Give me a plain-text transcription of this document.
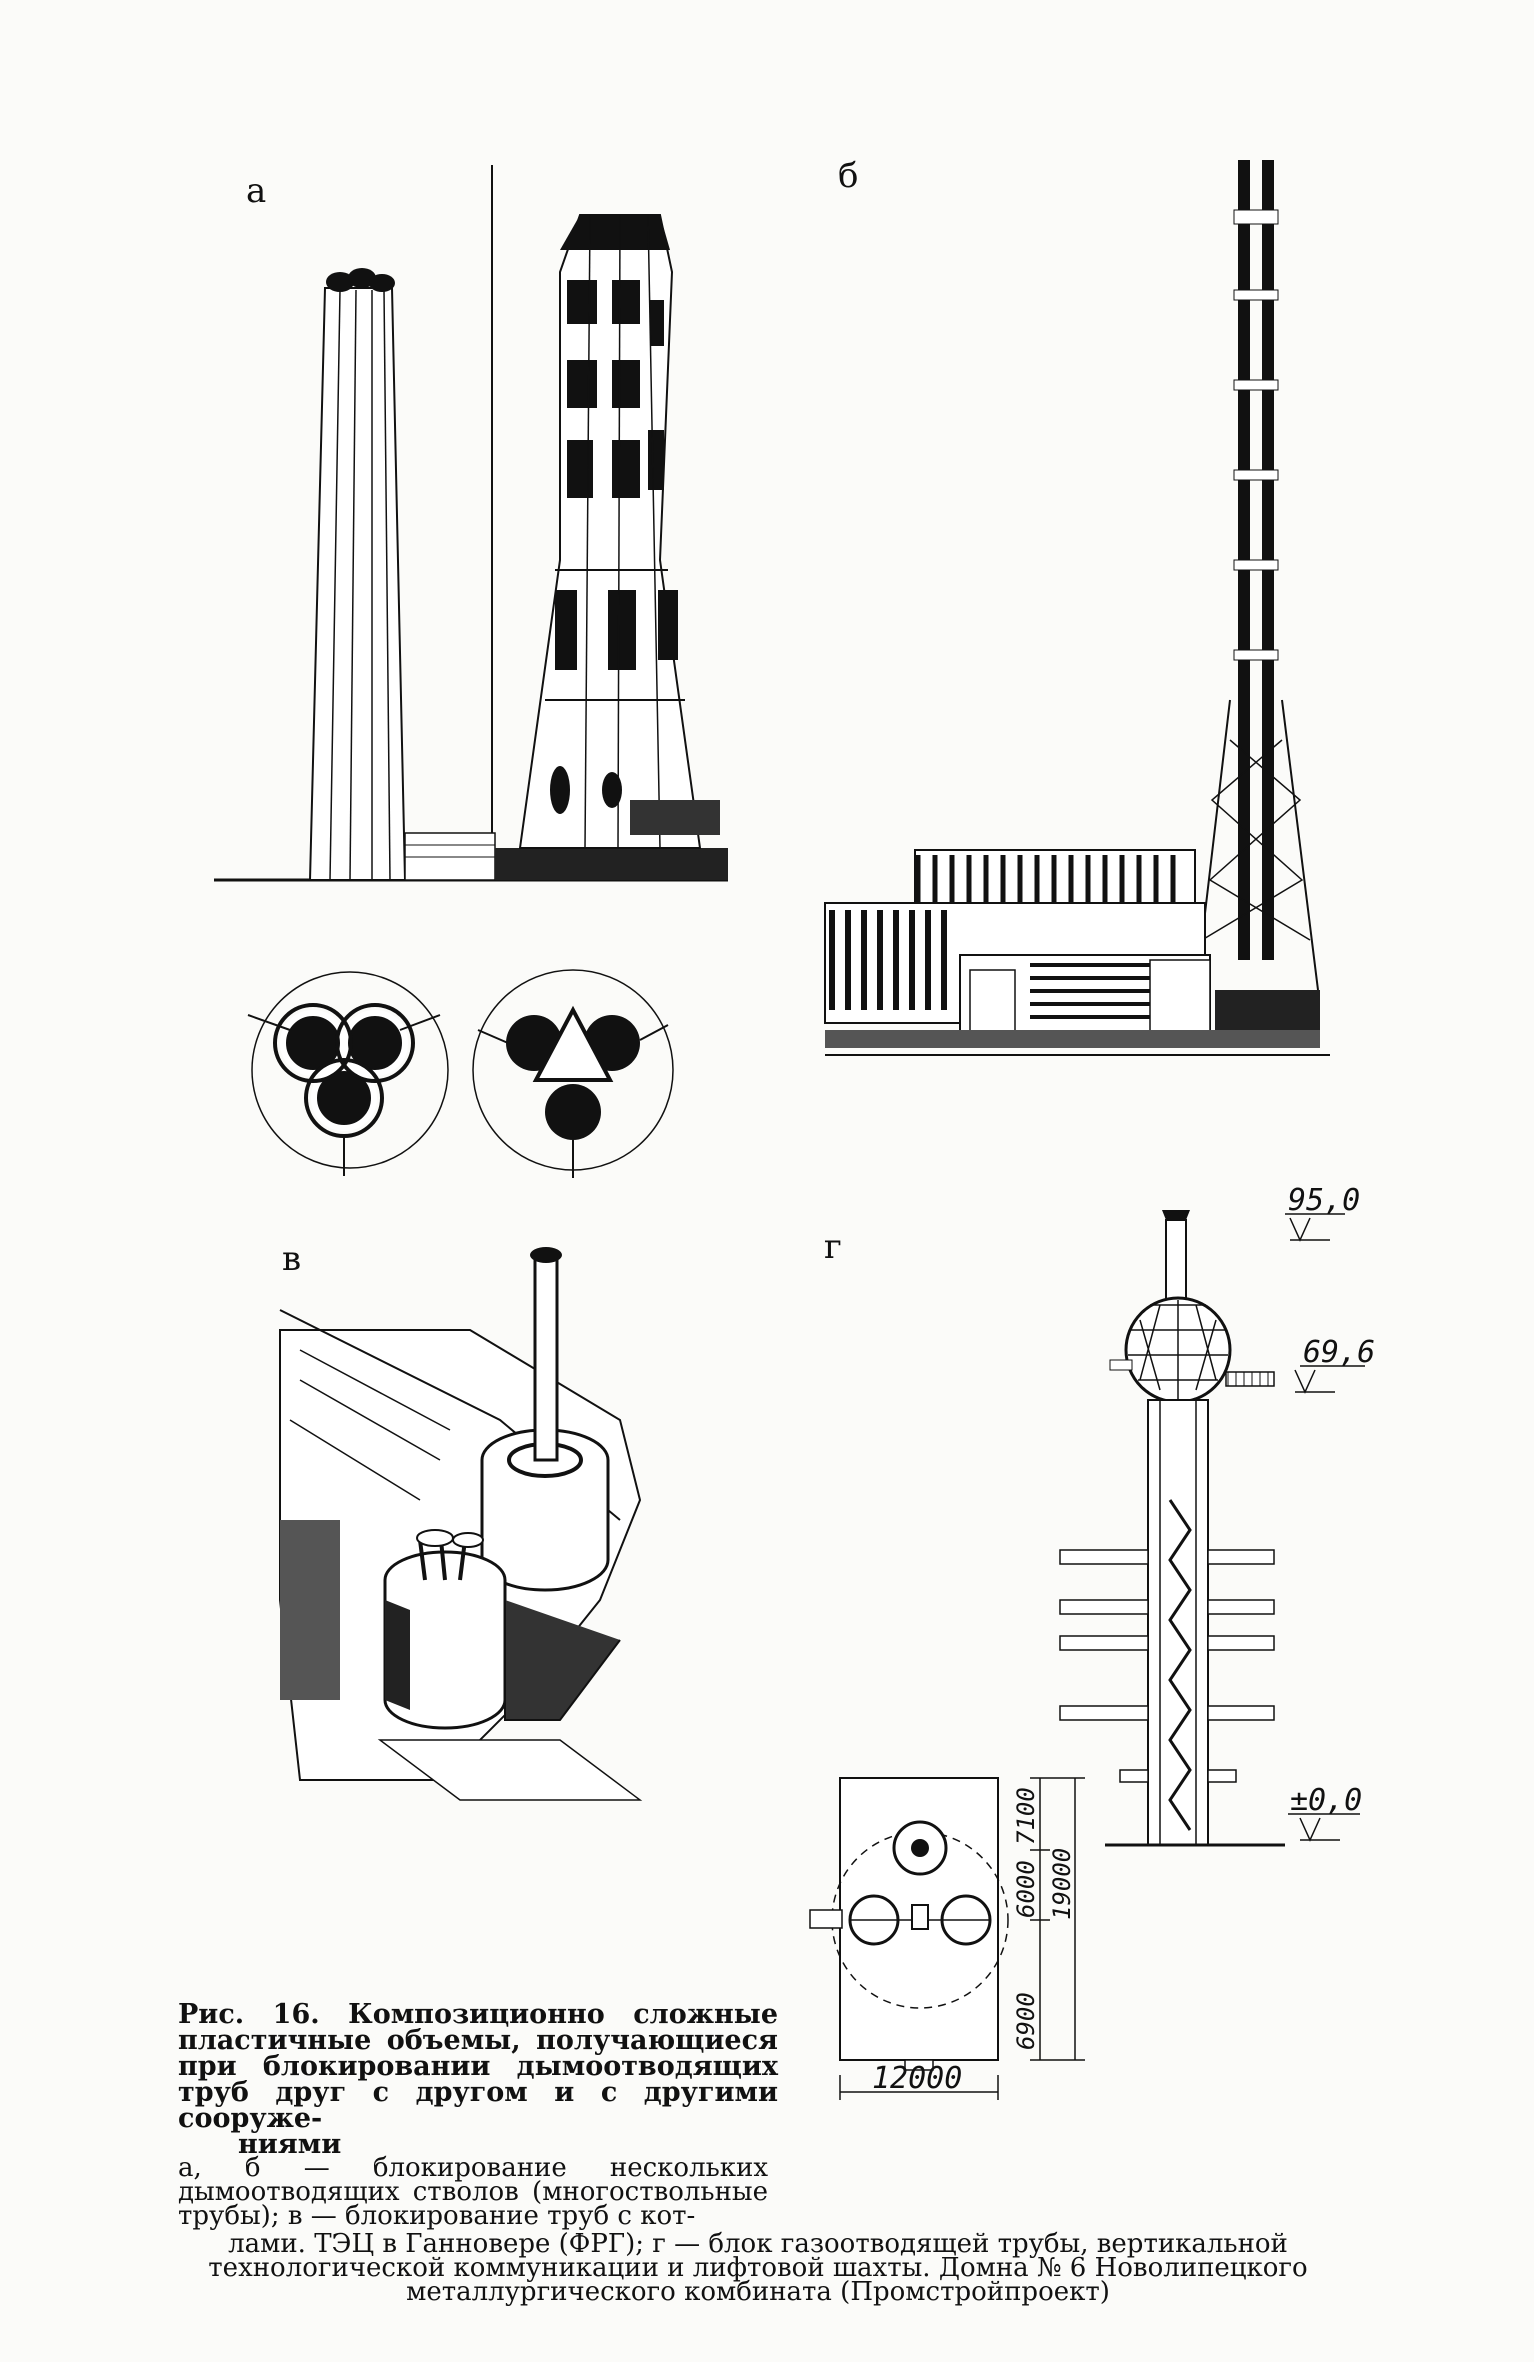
а	б
в	г
95,0
69,6
±0,0
12000
6900
6000
7100
19000
Рис. 16. Композиционно сложные пластичные объемы, получающиеся при блокировании дымоотводящих труб друг с другом и с другими сооруже-
ниями
а, б — блокирование нескольких дымоотводящих стволов (многоствольные трубы); в — блокирование труб с кот-
лами. ТЭЦ в Ганновере (ФРГ); г — блок газоотводящей трубы, вертикальной технологической коммуникации и лифтовой шахты. Домна № 6 Новолипецкого металлургического комбината (Промстройпроект)
